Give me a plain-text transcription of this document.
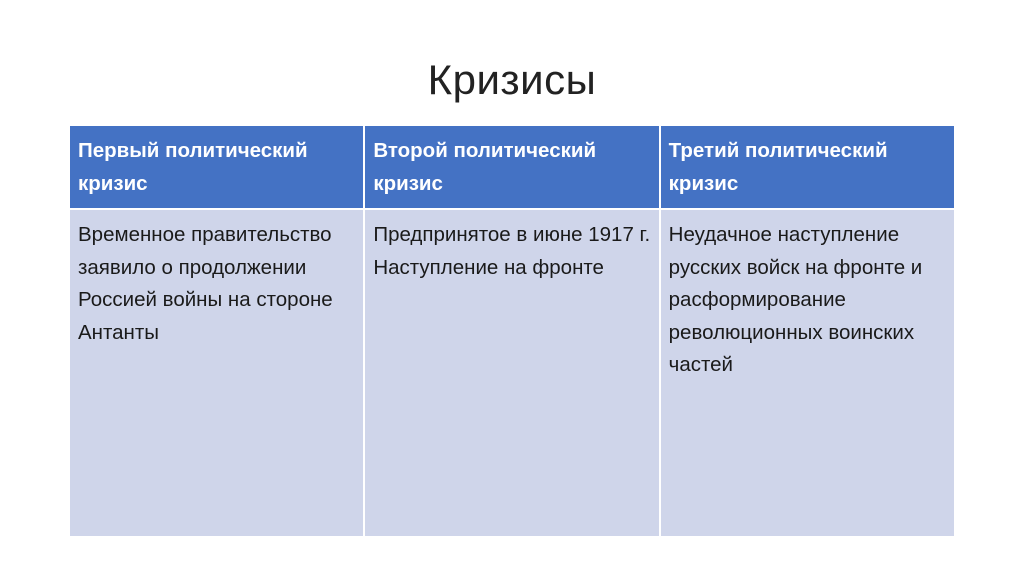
Кризисы
Первый политический кризис	Второй политический кризис	Третий политический кризис
Временное правительство заявило о продолжении Россией войны на стороне Антанты	Предпринятое в июне 1917 г. Наступление на фронте	Неудачное наступление русских войск на фронте и расформирование революционных воинских частей
